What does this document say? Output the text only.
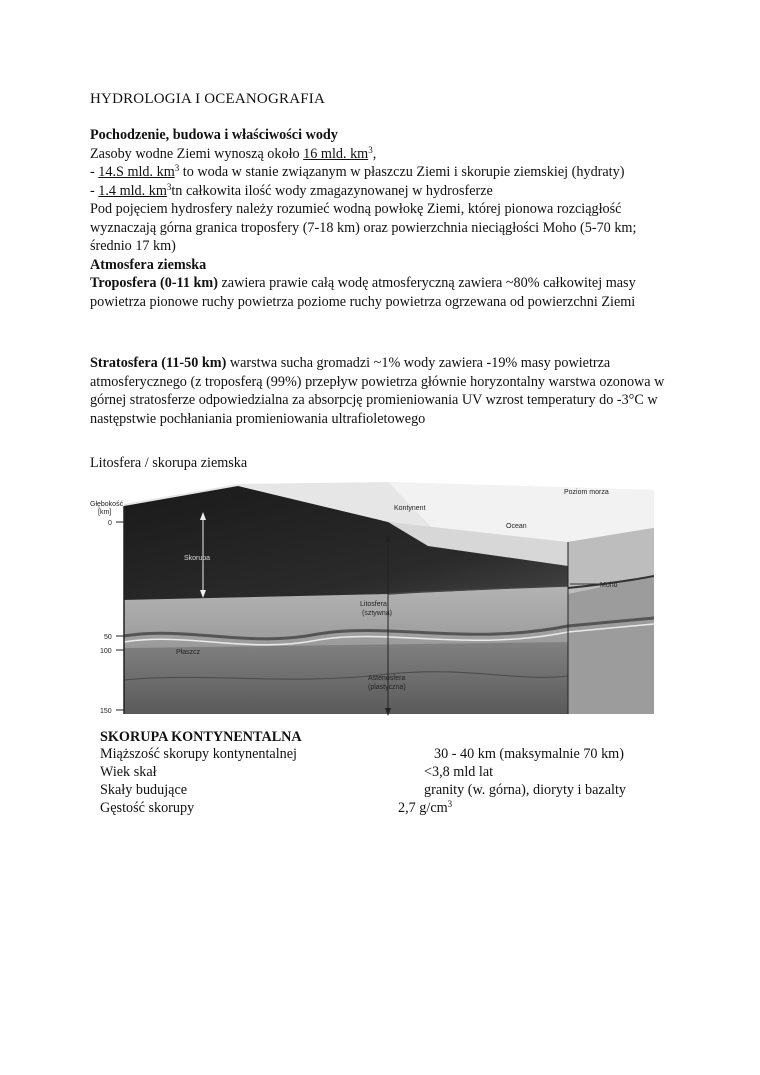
HYDROLOGIA I OCEANOGRAFIA

Pochodzenie, budowa i właściwości wody

Zasoby wodne Ziemi wynoszą około 16 mld. $km^3$,

- 14.S mld. $km^3$ to woda w stanie związanym w płaszczu Ziemi i skorupie ziemskiej (hydraty)

- 1.4 mld. $km^3tn$ całkowita ilość wody zmagazynowanej w hydrosferze

Pod pojęciem hydrosfery należy rozumieć wodną powłokę Ziemi, której pionowa rozciągłość wyznaczają górna granica troposfery (7-18 km) oraz powierzchnia nieciągłości Moho (5-70 km; średnio 17 km)

Atmosfera ziemska

Troposfera (0-11 km) zawiera prawie całą wodę atmosferyczną zawiera ~80% całkowitej masy powietrza pionowe ruchy powietrza poziome ruchy powietrza ogrzewana od powierzchni Ziemi

Stratosfera (11-50 km) warstwa sucha gromadzi ~1% wody zawiera -19% masy powietrza atmosferycznego (z troposferą (99%) przepływ powietrza głównie horyzontalny warstwa ozonowa w górnej stratosferze odpowiedzialna za absorpcję promieniowania UV wzrost temperatury do -3°C w następstwie pochłaniania promieniowania ultrafioletowego

Litosfera / skorupa ziemska
Głębokość
[km]
0
50
100
150
Kontynent
Ocean
Poziom morza
Moho
Litosfera
(sztywna)
Płaszcz
Astenosfera
(plastyczna)
Skorupa
SKORUPA KONTYNENTALNA
Miąższość skorupy kontynentalnej	30 - 40 km (maksymalnie 70 km)
Wiek skał	<3,8 mld lat
Skały budujące	granity (w. górna), dioryty i bazalty
Gęstość skorupy	2,7 $g/cm^3$
